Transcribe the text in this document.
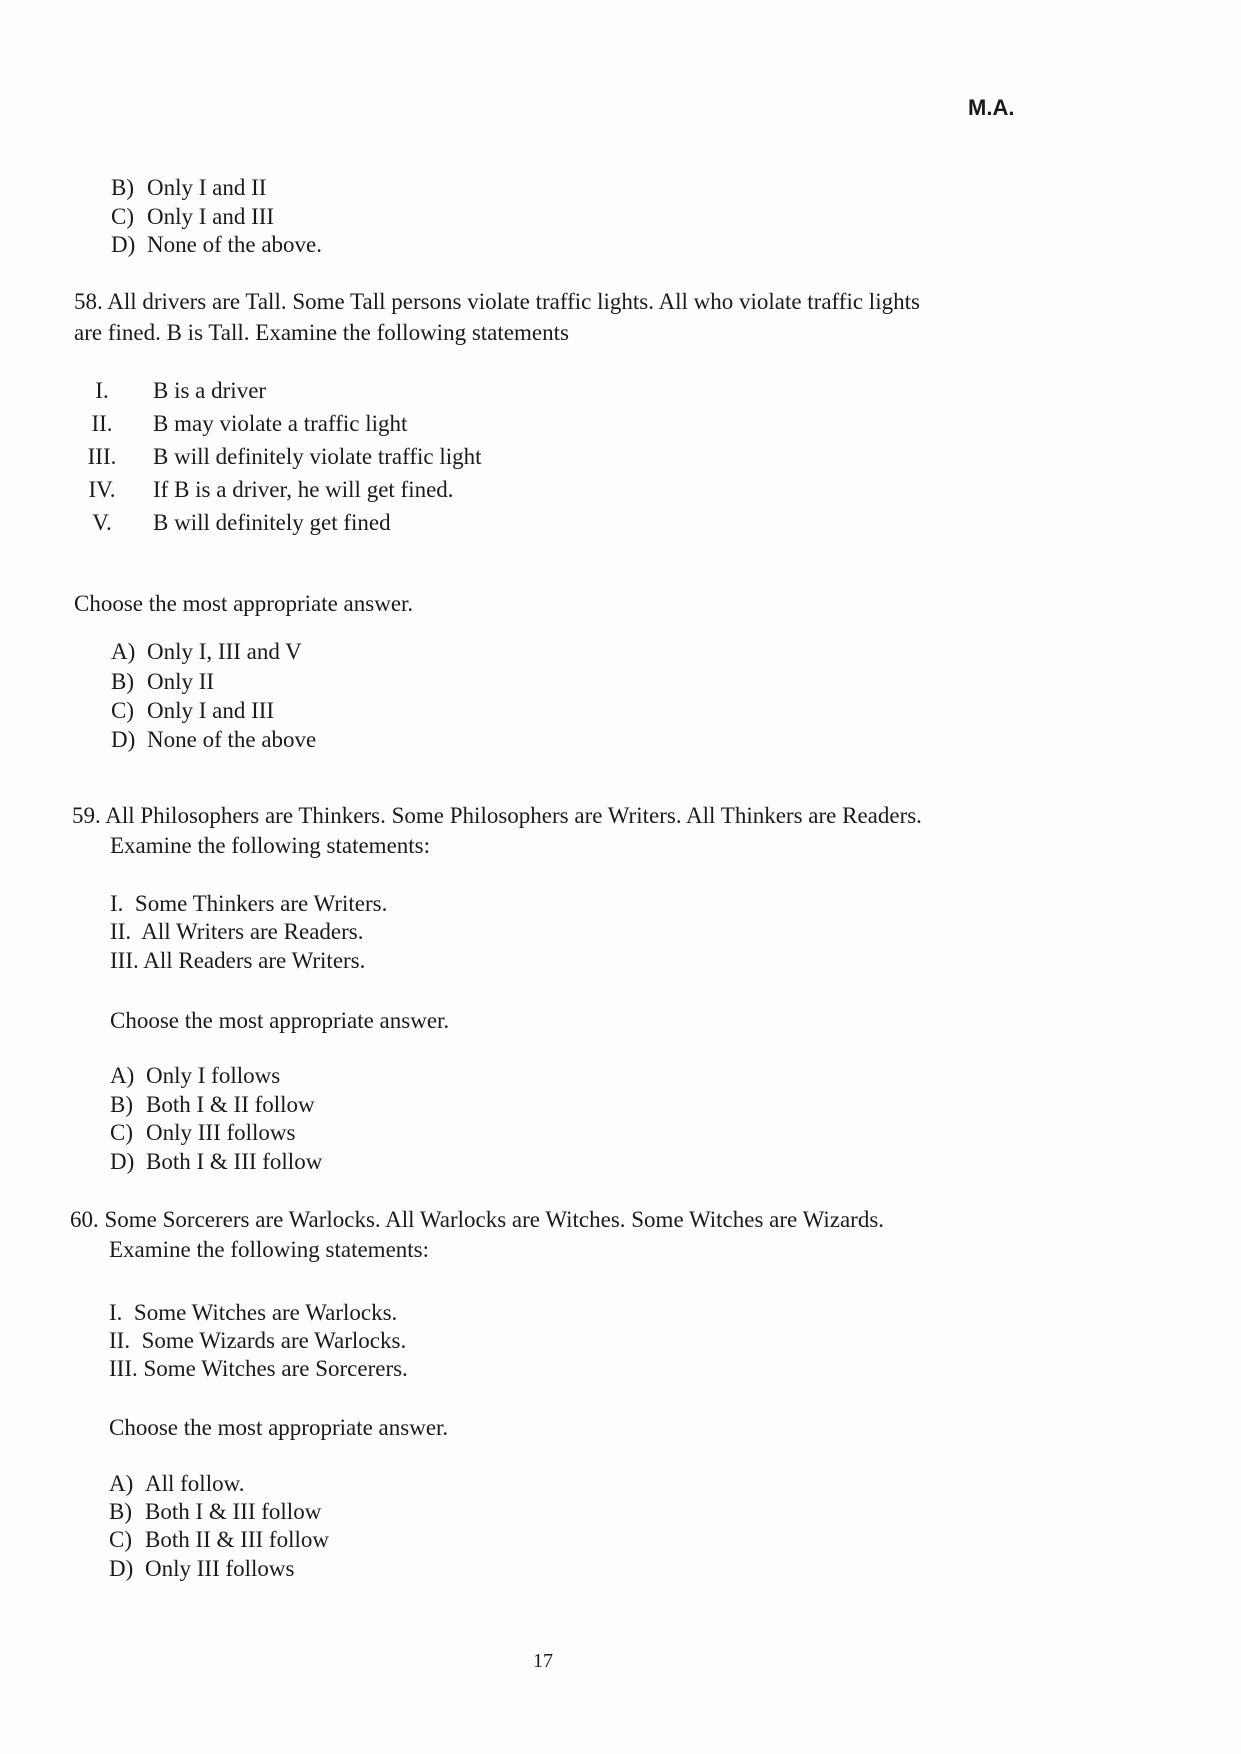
M.A.
B) Only I and II
C) Only I and III
D) None of the above.
58. All drivers are Tall. Some Tall persons violate traffic lights. All who violate traffic lights
are fined. B is Tall. Examine the following statements
I.	B is a driver
II.	B may violate a traffic light
III.	B will definitely violate traffic light
IV.	If B is a driver, he will get fined.
V.	B will definitely get fined
Choose the most appropriate answer.
A) Only I, III and V
B) Only II
C) Only I and III
D) None of the above
59. All Philosophers are Thinkers. Some Philosophers are Writers. All Thinkers are Readers.
Examine the following statements:
I.  Some Thinkers are Writers.
II.  All Writers are Readers.
III. All Readers are Writers.
Choose the most appropriate answer.
A) Only I follows
B) Both I & II follow
C) Only III follows
D) Both I & III follow
60. Some Sorcerers are Warlocks. All Warlocks are Witches. Some Witches are Wizards.
Examine the following statements:
I.  Some Witches are Warlocks.
II.  Some Wizards are Warlocks.
III. Some Witches are Sorcerers.
Choose the most appropriate answer.
A) All follow.
B) Both I & III follow
C) Both II & III follow
D) Only III follows
17
